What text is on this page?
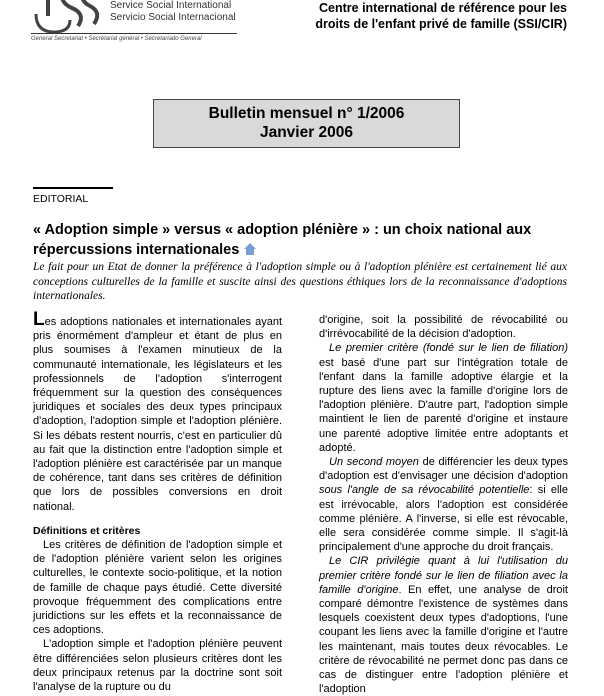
Service Social International
Servicio Social Internacional
General Secretariat • Secrétariat général • Secretariado General
Centre international de référence pour les droits de l'enfant privé de famille (SSI/CIR)
Bulletin mensuel n° 1/2006
Janvier 2006
EDITORIAL
« Adoption simple » versus « adoption plénière » : un choix national aux répercussions internationales
Le fait pour un Etat de donner la préférence à l'adoption simple ou à l'adoption plénière est certainement lié aux conceptions culturelles de la famille et suscite ainsi des questions éthiques lors de la reconnaissance d'adoptions internationales.

Les adoptions nationales et internationales ayant pris énormément d'ampleur et étant de plus en plus soumises à l'examen minutieux de la communauté internationale, les législateurs et les professionnels de l'adoption s'interrogent fréquemment sur la question des conséquences juridiques et sociales des deux types principaux d'adoption, l'adoption simple et l'adoption plénière. Si les débats restent nourris, c'est en particulier dû au fait que la distinction entre l'adoption simple et l'adoption plénière est caractérisée par un manque de cohérence, tant dans ses critères de définition que lors de possibles conversions en droit national.

Définitions et critères

Les critères de définition de l'adoption simple et de l'adoption plénière varient selon les origines culturelles, le contexte socio-politique, et la notion de famille de chaque pays étudié. Cette diversité provoque fréquemment des complications entre juridictions sur les effets et la reconnaissance de ces adoptions.

L'adoption simple et l'adoption plénière peuvent être différenciées selon plusieurs critères dont les deux principaux retenus par la doctrine sont soit l'analyse de la rupture ou du

d'origine, soit la possibilité de révocabilité ou d'irrévocabilité de la décision d'adoption.

Le premier critère (fondé sur le lien de filiation) est basé d'une part sur l'intégration totale de l'enfant dans la famille adoptive élargie et la rupture des liens avec la famille d'origine lors de l'adoption plénière. D'autre part, l'adoption simple maintient le lien de parenté d'origine et instaure une parenté adoptive limitée entre adoptants et adopté.

Un second moyen de différencier les deux types d'adoption est d'envisager une décision d'adoption sous l'angle de sa révocabilité potentielle: si elle est irrévocable, alors l'adoption est considérée comme plénière. A l'inverse, si elle est révocable, elle sera considérée comme simple. Il s'agit-là principalement d'une approche du droit français.

Le CIR privilégie quant à lui l'utilisation du premier critère fondé sur le lien de filiation avec la famille d'origine. En effet, une analyse de droit comparé démontre l'existence de systèmes dans lesquels coexistent deux types d'adoptions, l'une coupant les liens avec la famille d'origine et l'autre les maintenant, mais toutes deux révocables. Le critère de révocabilité ne permet donc pas dans ce cas de distinguer entre l'adoption plénière et l'adoption
